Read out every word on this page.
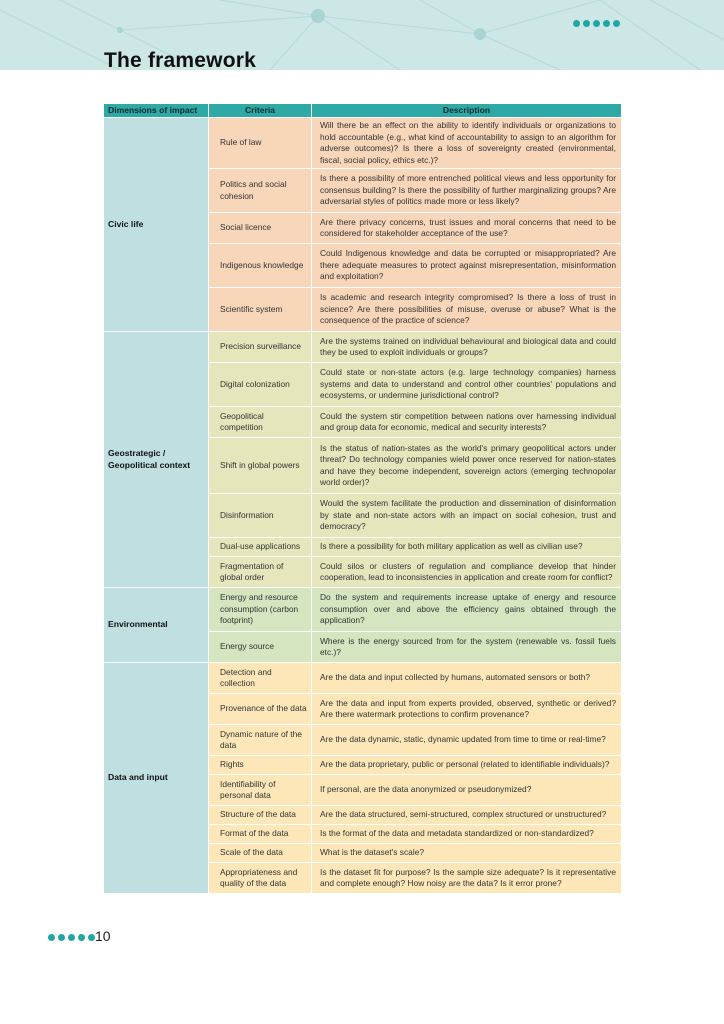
The framework
Dimensions of impact	Criteria	Description
Civic life	Rule of law	Will there be an effect on the ability to identify individuals or organizations to hold accountable (e.g., what kind of accountability to assign to an algorithm for adverse outcomes)? Is there a loss of sovereignty created (environmental, fiscal, social policy, ethics etc.)?
	Politics and social cohesion	Is there a possibility of more entrenched political views and less opportunity for consensus building? Is there the possibility of further marginalizing groups? Are adversarial styles of politics made more or less likely?
	Social licence	Are there privacy concerns, trust issues and moral concerns that need to be considered for stakeholder acceptance of the use?
	Indigenous knowledge	Could Indigenous knowledge and data be corrupted or misappropriated? Are there adequate measures to protect against misrepresentation, misinformation and exploitation?
	Scientific system	Is academic and research integrity compromised? Is there a loss of trust in science? Are there possibilities of misuse, overuse or abuse? What is the consequence of the practice of science?
Geostrategic / Geopolitical context	Precision surveillance	Are the systems trained on individual behavioural and biological data and could they be used to exploit individuals or groups?
	Digital colonization	Could state or non-state actors (e.g. large technology companies) harness systems and data to understand and control other countries' populations and ecosystems, or undermine jurisdictional control?
	Geopolitical competition	Could the system stir competition between nations over harnessing individual and group data for economic, medical and security interests?
	Shift in global powers	Is the status of nation-states as the world's primary geopolitical actors under threat? Do technology companies wield power once reserved for nation-states and have they become independent, sovereign actors (emerging technopolar world order)?
	Disinformation	Would the system facilitate the production and dissemination of disinformation by state and non-state actors with an impact on social cohesion, trust and democracy?
	Dual-use applications	Is there a possibility for both military application as well as civilian use?
	Fragmentation of global order	Could silos or clusters of regulation and compliance develop that hinder cooperation, lead to inconsistencies in application and create room for conflict?
Environmental	Energy and resource consumption (carbon footprint)	Do the system and requirements increase uptake of energy and resource consumption over and above the efficiency gains obtained through the application?
	Energy source	Where is the energy sourced from for the system (renewable vs. fossil fuels etc.)?
Data and input	Detection and collection	Are the data and input collected by humans, automated sensors or both?
	Provenance of the data	Are the data and input from experts provided, observed, synthetic or derived? Are there watermark protections to confirm provenance?
	Dynamic nature of the data	Are the data dynamic, static, dynamic updated from time to time or real-time?
	Rights	Are the data proprietary, public or personal (related to identifiable individuals)?
	Identifiability of personal data	If personal, are the data anonymized or pseudonymized?
	Structure of the data	Are the data structured, semi-structured, complex structured or unstructured?
	Format of the data	Is the format of the data and metadata standardized or non-standardized?
	Scale of the data	What is the dataset's scale?
	Appropriateness and quality of the data	Is the dataset fit for purpose? Is the sample size adequate? Is it representative and complete enough? How noisy are the data? Is it error prone?
10
